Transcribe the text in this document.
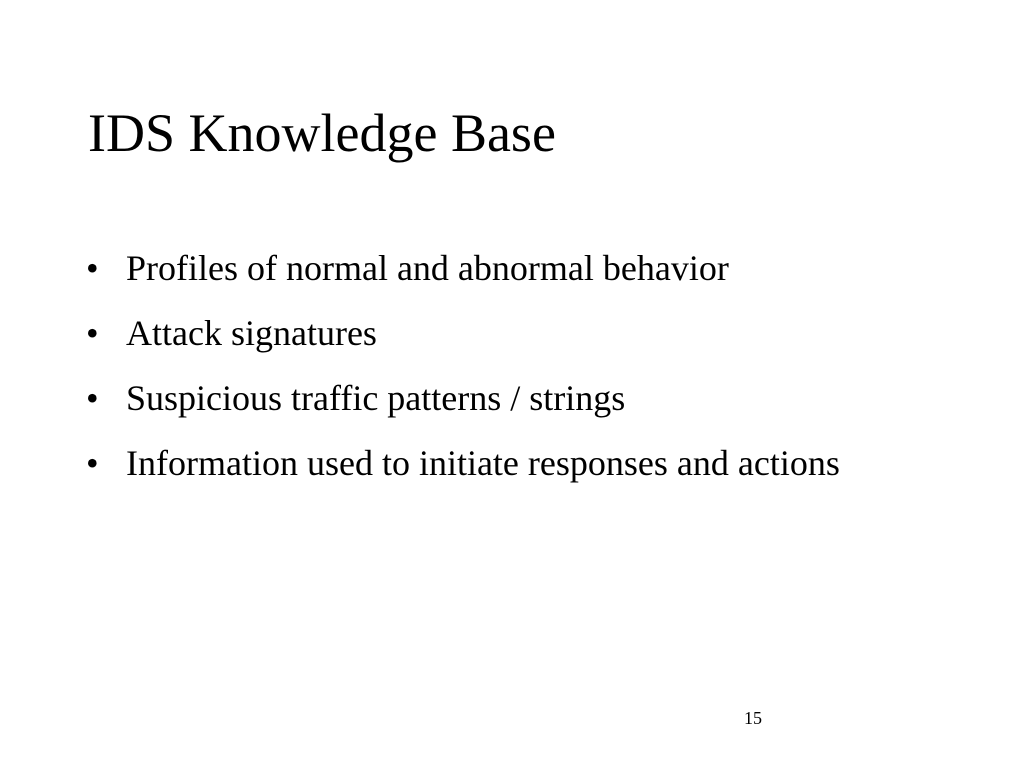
IDS Knowledge Base
• Profiles of normal and abnormal behavior
• Attack signatures
• Suspicious traffic patterns / strings
• Information used to initiate responses and actions
15
